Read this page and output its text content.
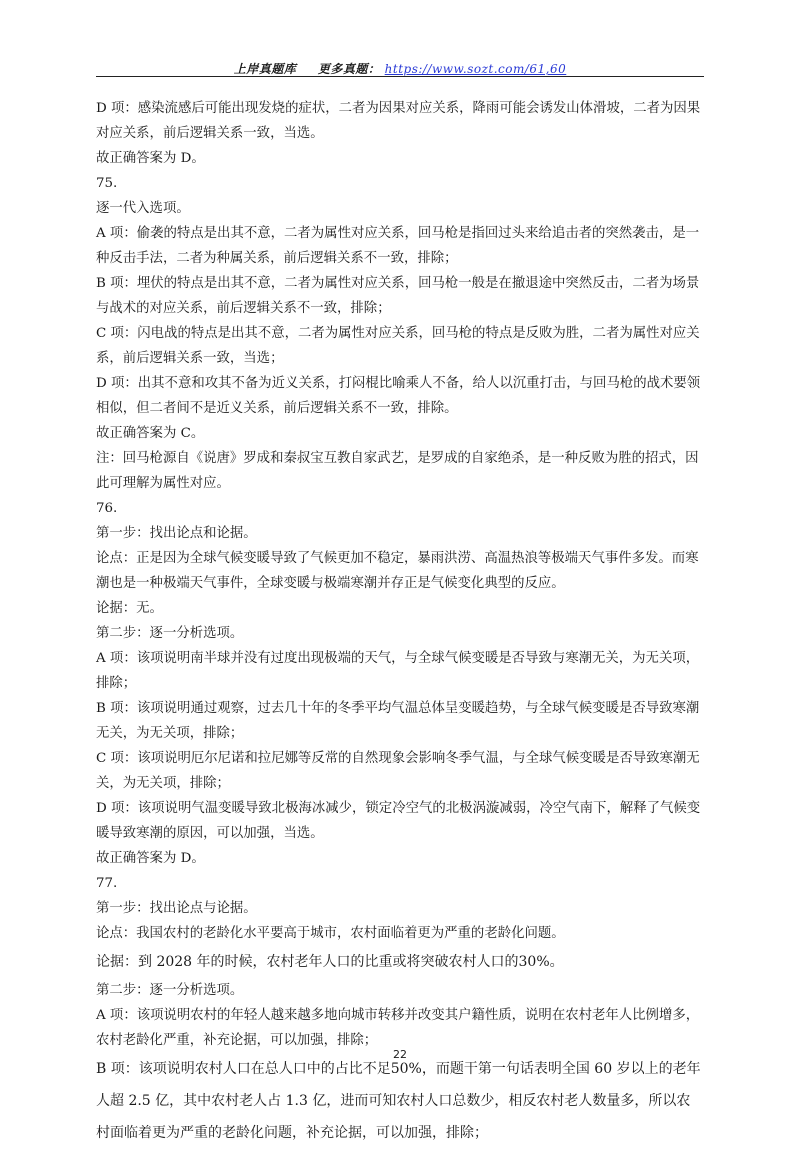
上岸真题库 更多真题： https://www.sozt.com/61,60

D 项：感染流感后可能出现发烧的症状，二者为因果对应关系，降雨可能会诱发山体滑坡，二者为因果对应关系，前后逻辑关系一致，当选。

故正确答案为 D。

75.

逐一代入选项。

A 项：偷袭的特点是出其不意，二者为属性对应关系，回马枪是指回过头来给追击者的突然袭击，是一种反击手法，二者为种属关系，前后逻辑关系不一致，排除；

B 项：埋伏的特点是出其不意，二者为属性对应关系，回马枪一般是在撤退途中突然反击，二者为场景与战术的对应关系，前后逻辑关系不一致，排除；

C 项：闪电战的特点是出其不意，二者为属性对应关系，回马枪的特点是反败为胜，二者为属性对应关系，前后逻辑关系一致，当选；

D 项：出其不意和攻其不备为近义关系，打闷棍比喻乘人不备，给人以沉重打击，与回马枪的战术要领相似，但二者间不是近义关系，前后逻辑关系不一致，排除。

故正确答案为 C。

注：回马枪源自《说唐》罗成和秦叔宝互教自家武艺，是罗成的自家绝杀，是一种反败为胜的招式，因此可理解为属性对应。

76.

第一步：找出论点和论据。

论点：正是因为全球气候变暖导致了气候更加不稳定，暴雨洪涝、高温热浪等极端天气事件多发。而寒潮也是一种极端天气事件，全球变暖与极端寒潮并存正是气候变化典型的反应。

论据：无。

第二步：逐一分析选项。

A 项：该项说明南半球并没有过度出现极端的天气，与全球气候变暖是否导致与寒潮无关，为无关项，排除；

B 项：该项说明通过观察，过去几十年的冬季平均气温总体呈变暖趋势，与全球气候变暖是否导致寒潮无关，为无关项，排除；

C 项：该项说明厄尔尼诺和拉尼娜等反常的自然现象会影响冬季气温，与全球气候变暖是否导致寒潮无关，为无关项，排除；

D 项：该项说明气温变暖导致北极海冰减少，锁定冷空气的北极涡漩减弱，冷空气南下，解释了气候变暖导致寒潮的原因，可以加强，当选。

故正确答案为 D。

77.

第一步：找出论点与论据。

论点：我国农村的老龄化水平要高于城市，农村面临着更为严重的老龄化问题。

论据：到 2028 年的时候，农村老年人口的比重或将突破农村人口的30%。

第二步：逐一分析选项。

A 项：该项说明农村的年轻人越来越多地向城市转移并改变其户籍性质，说明在农村老年人比例增多，农村老龄化严重，补充论据，可以加强，排除；

B 项：该项说明农村人口在总人口中的占比不足50%，而题干第一句话表明全国 60 岁以上的老年人超 2.5 亿，其中农村老人占 1.3 亿，进而可知农村人口总数少，相反农村老人数量多，所以农村面临着更为严重的老龄化问题，补充论据，可以加强，排除；

22
